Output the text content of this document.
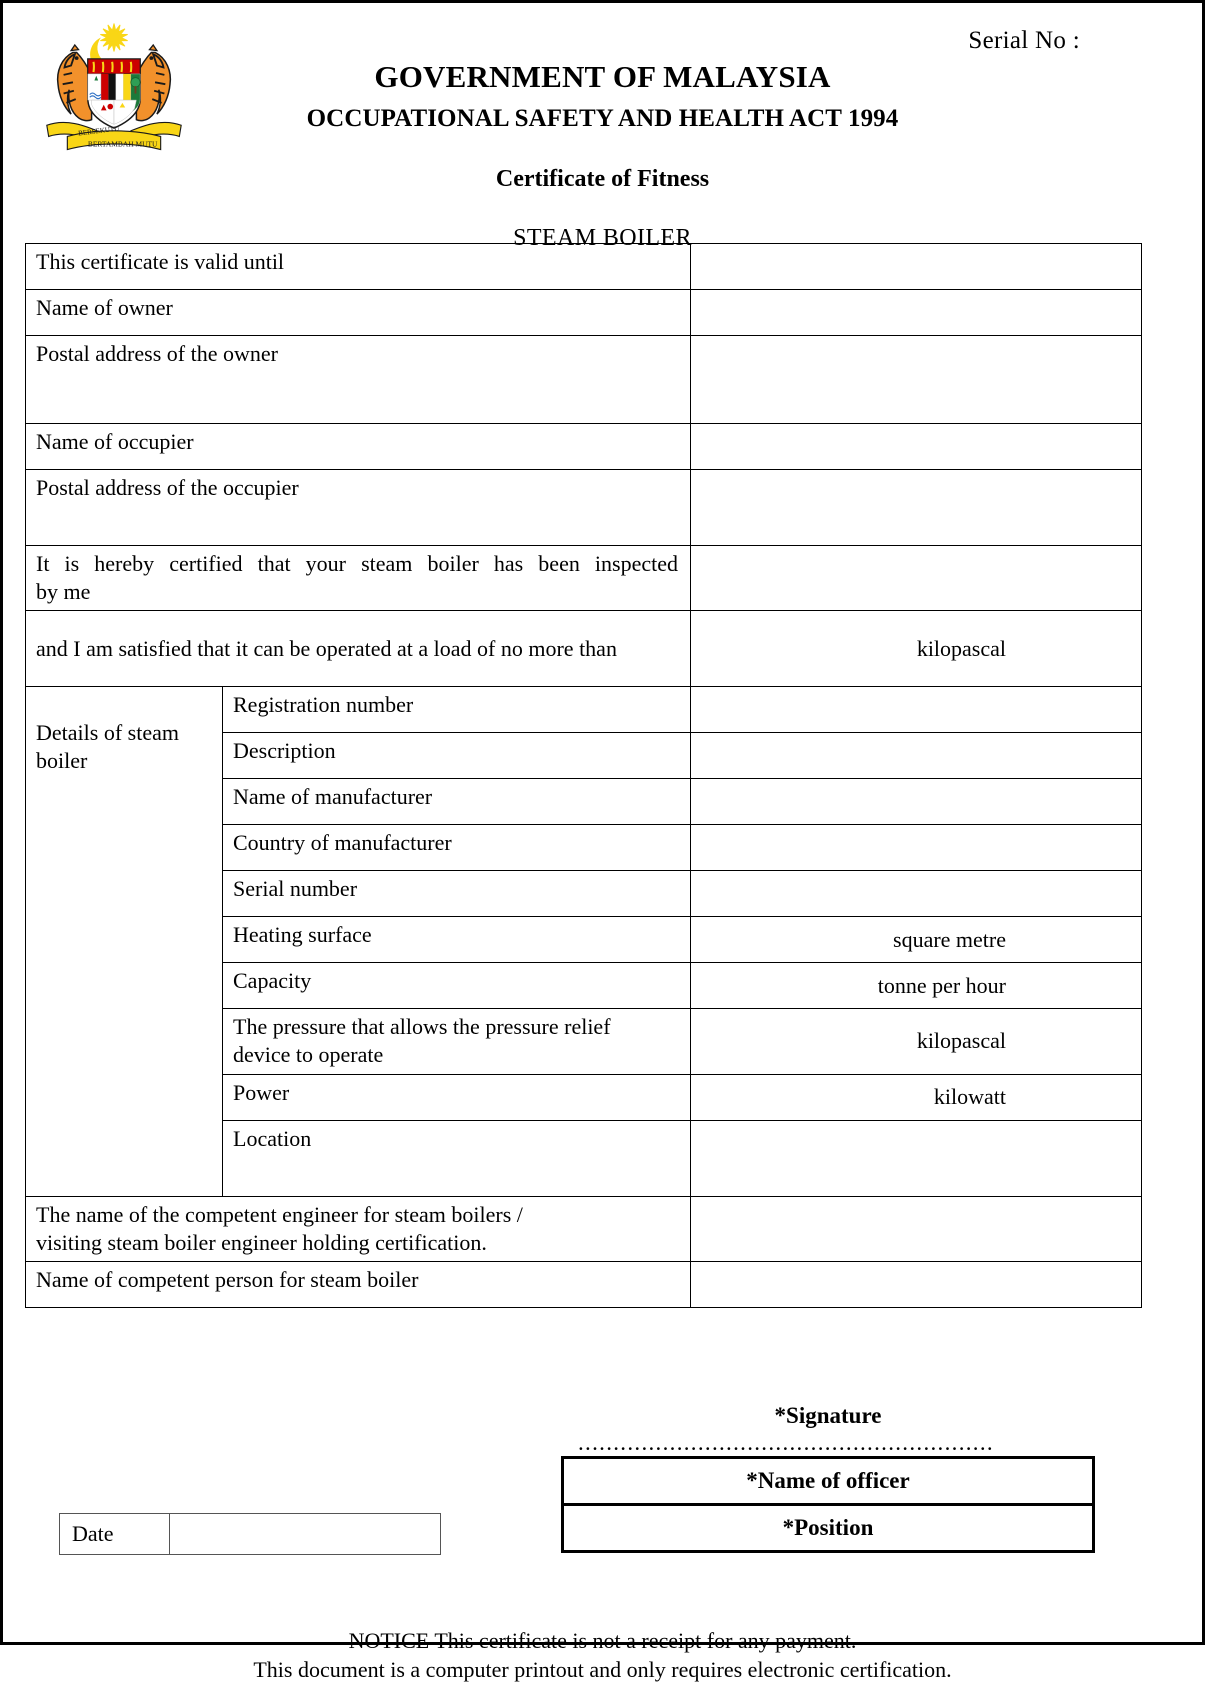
BERSEKUTU
BERTAMBAH MUTU
Serial No :
GOVERNMENT OF MALAYSIA
OCCUPATIONAL SAFETY AND HEALTH ACT 1994
Certificate of Fitness
STEAM BOILER
This certificate is valid until		
Name of owner		
Postal address of the owner		
Name of occupier		
Postal address of the occupier		
It is hereby certified that your steam boiler has been inspected
by me		

and I am satisfied that it can be operated at a load of no more than		kilopascal

Details of steam
boiler	Registration number	
	Description	
	Name of manufacturer	
	Country of manufacturer	
	Serial number	
	Heating surface	square metre
	Capacity	tonne per hour

	The pressure that allows the pressure relief
device to operate	kilopascal
	Power	kilowatt
	Location	

The name of the competent engineer for steam boilers /
visiting steam boiler engineer holding certification.		

Name of competent person for steam boiler		
*Signature
...........................................................
*Name of officer
*Position
Date
NOTICE This certificate is not a receipt for any payment.
This document is a computer printout and only requires electronic certification.
